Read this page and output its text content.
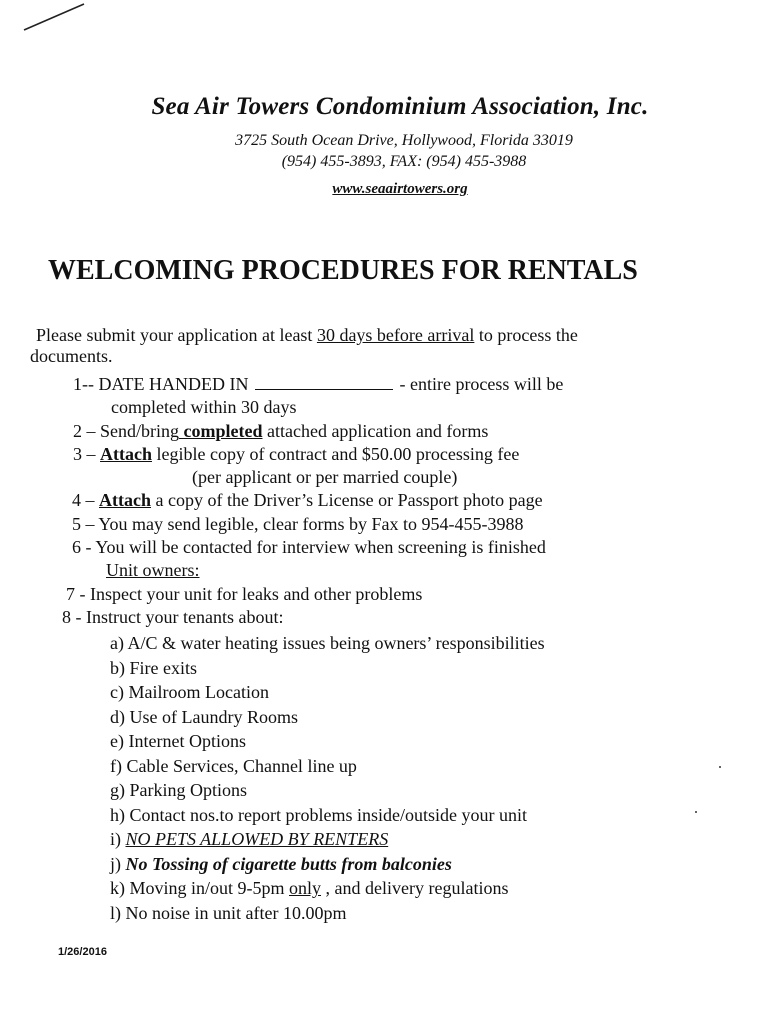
Sea Air Towers Condominium Association, Inc.
3725 South Ocean Drive, Hollywood, Florida 33019
(954) 455-3893, FAX: (954) 455-3988
www.seaairtowers.org
WELCOMING PROCEDURES FOR RENTALS

Please submit your application at least 30 days before arrival to process the
documents.

1-- DATE HANDED IN	- entire process will be
completed within 30 days
2 – Send/bring completed attached application and forms
3 – Attach legible copy of contract and $50.00 processing fee
(per applicant or per married couple)
4 – Attach a copy of the Driver’s License or Passport photo page
5 – You may send legible, clear forms by Fax to 954-455-3988
6 - You will be contacted for interview when screening is finished
Unit owners:
7 - Inspect your unit for leaks and other problems
8 - Instruct your tenants about:
a) A/C & water heating issues being owners’ responsibilities
b) Fire exits
c) Mailroom Location
d) Use of Laundry Rooms
e) Internet Options
f) Cable Services, Channel line up
g) Parking Options
h) Contact nos.to report problems inside/outside your unit
i) NO PETS ALLOWED BY RENTERS
j) No Tossing of cigarette butts from balconies
k) Moving in/out 9-5pm only , and delivery regulations
l) No noise in unit after 10.00pm
1/26/2016
